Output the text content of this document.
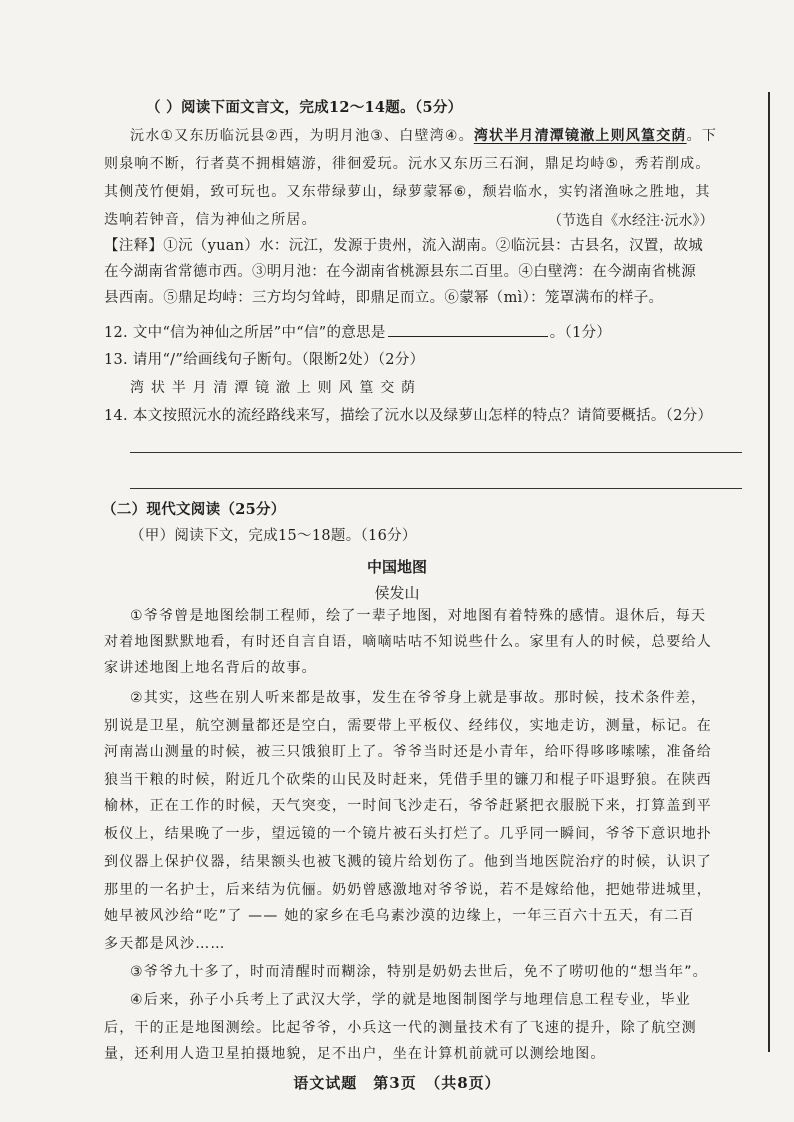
（ ）阅读下面文言文，完成12～14题。（5分）
沅水①又东历临沅县②西，为明月池③、白壁湾④。湾状半月清潭镜澈上则风篁交荫。下
则泉响不断，行者莫不拥楫嬉游，徘徊爱玩。沅水又东历三石涧，鼎足均峙⑤，秀若削成。
其侧茂竹便娟，致可玩也。又东带绿萝山，绿萝蒙幂⑥，颓岩临水，实钓渚渔咏之胜地，其
迭响若钟音，信为神仙之所居。	（节选自《水经注·沅水》）
【注释】①沅（yuan）水：沅江，发源于贵州，流入湖南。②临沅县：古县名，汉置，故城
在今湖南省常德市西。③明月池：在今湖南省桃源县东二百里。④白壁湾：在今湖南省桃源
县西南。⑤鼎足均峙：三方均匀耸峙，即鼎足而立。⑥蒙幂（mì）：笼罩满布的样子。
12. 文中“信为神仙之所居”中“信”的意思是	。（1分）
13. 请用“/”给画线句子断句。（限断2处）（2分）
湾 状 半 月 清 潭 镜 澈 上 则 风 篁 交 荫
14. 本文按照沅水的流经路线来写，描绘了沅水以及绿萝山怎样的特点？请简要概括。（2分）
（二）现代文阅读（25分）
（甲）阅读下文，完成15～18题。（16分）
中国地图
侯发山
①爷爷曾是地图绘制工程师，绘了一辈子地图，对地图有着特殊的感情。退休后，每天
对着地图默默地看，有时还自言自语，嘀嘀咕咕不知说些什么。家里有人的时候，总要给人
家讲述地图上地名背后的故事。
②其实，这些在别人听来都是故事，发生在爷爷身上就是事故。那时候，技术条件差，
别说是卫星，航空测量都还是空白，需要带上平板仪、经纬仪，实地走访，测量，标记。在
河南嵩山测量的时候，被三只饿狼盯上了。爷爷当时还是小青年，给吓得哆哆嗦嗦，准备给
狼当干粮的时候，附近几个砍柴的山民及时赶来，凭借手里的镰刀和棍子吓退野狼。在陕西
榆林，正在工作的时候，天气突变，一时间飞沙走石，爷爷赶紧把衣服脱下来，打算盖到平
板仪上，结果晚了一步，望远镜的一个镜片被石头打烂了。几乎同一瞬间，爷爷下意识地扑
到仪器上保护仪器，结果额头也被飞溅的镜片给划伤了。他到当地医院治疗的时候，认识了
那里的一名护士，后来结为伉俪。奶奶曾感激地对爷爷说，若不是嫁给他，把她带进城里，
她早被风沙给“吃”了 —— 她的家乡在毛乌素沙漠的边缘上，一年三百六十五天，有二百
多天都是风沙……
③爷爷九十多了，时而清醒时而糊涂，特别是奶奶去世后，免不了唠叨他的“想当年”。
④后来，孙子小兵考上了武汉大学，学的就是地图制图学与地理信息工程专业，毕业
后，干的正是地图测绘。比起爷爷，小兵这一代的测量技术有了飞速的提升，除了航空测
量，还利用人造卫星拍摄地貌，足不出户，坐在计算机前就可以测绘地图。
语文试题　第3页　（共8页）
